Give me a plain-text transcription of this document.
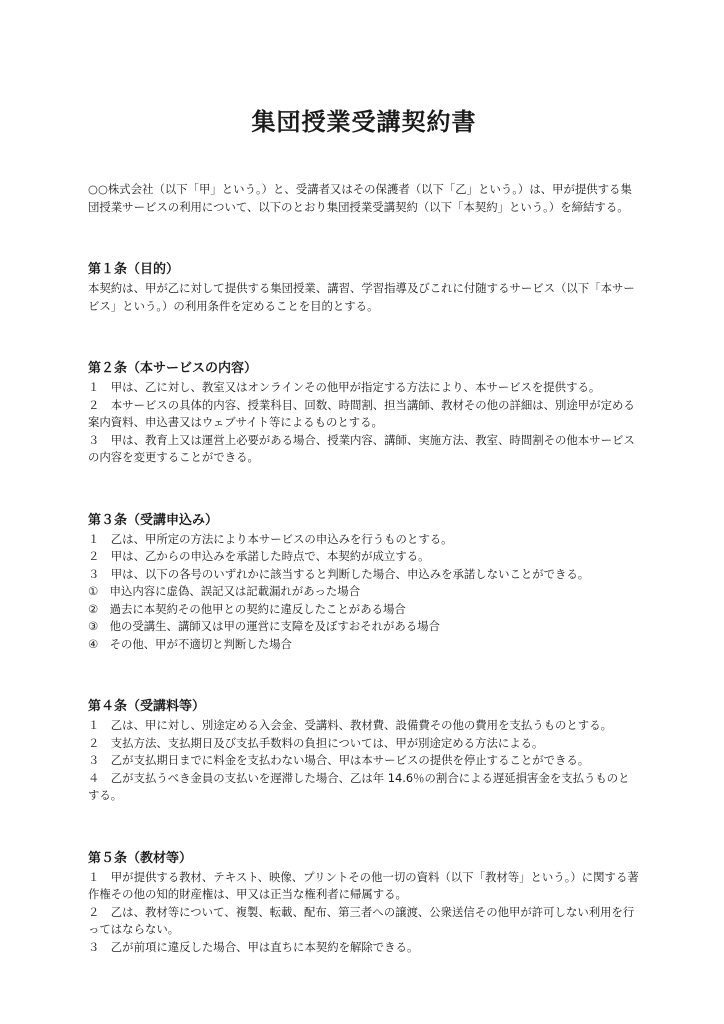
集団授業受講契約書

○○株式会社（以下「甲」という。）と、受講者又はその保護者（以下「乙」という。）は、甲が提供する集団授業サービスの利用について、以下のとおり集団授業受講契約（以下「本契約」という。）を締結する。

第１条（目的）

本契約は、甲が乙に対して提供する集団授業、講習、学習指導及びこれに付随するサービス（以下「本サービス」という。）の利用条件を定めることを目的とする。

第２条（本サービスの内容）

１　甲は、乙に対し、教室又はオンラインその他甲が指定する方法により、本サービスを提供する。

２　本サービスの具体的内容、授業科目、回数、時間割、担当講師、教材その他の詳細は、別途甲が定める案内資料、申込書又はウェブサイト等によるものとする。

３　甲は、教育上又は運営上必要がある場合、授業内容、講師、実施方法、教室、時間割その他本サービスの内容を変更することができる。

第３条（受講申込み）

１　乙は、甲所定の方法により本サービスの申込みを行うものとする。

２　甲は、乙からの申込みを承諾した時点で、本契約が成立する。

３　甲は、以下の各号のいずれかに該当すると判断した場合、申込みを承諾しないことができる。

①　申込内容に虚偽、誤記又は記載漏れがあった場合

②　過去に本契約その他甲との契約に違反したことがある場合

③　他の受講生、講師又は甲の運営に支障を及ぼすおそれがある場合

④　その他、甲が不適切と判断した場合

第４条（受講料等）

１　乙は、甲に対し、別途定める入会金、受講料、教材費、設備費その他の費用を支払うものとする。

２　支払方法、支払期日及び支払手数料の負担については、甲が別途定める方法による。

３　乙が支払期日までに料金を支払わない場合、甲は本サービスの提供を停止することができる。

４　乙が支払うべき金員の支払いを遅滞した場合、乙は年 14.6％の割合による遅延損害金を支払うものとする。

第５条（教材等）

１　甲が提供する教材、テキスト、映像、プリントその他一切の資料（以下「教材等」という。）に関する著作権その他の知的財産権は、甲又は正当な権利者に帰属する。

２　乙は、教材等について、複製、転載、配布、第三者への譲渡、公衆送信その他甲が許可しない利用を行ってはならない。

３　乙が前項に違反した場合、甲は直ちに本契約を解除できる。
